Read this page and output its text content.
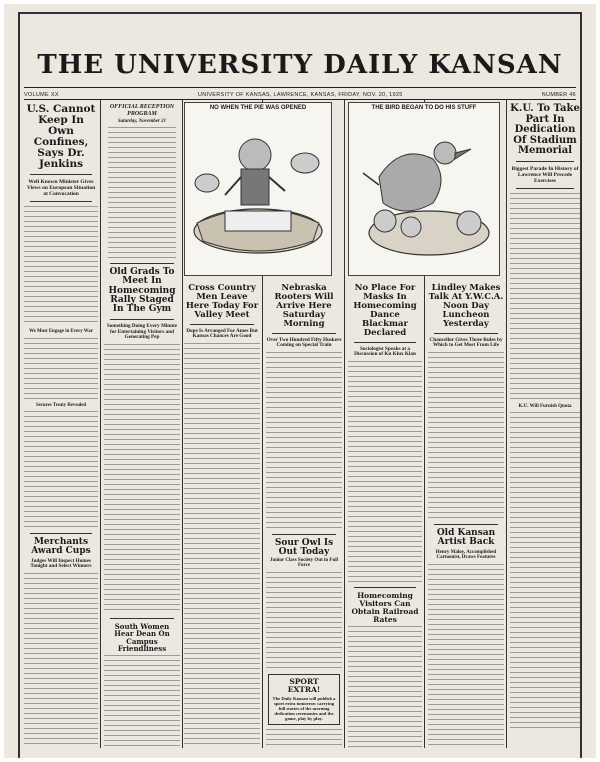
THE UNIVERSITY DAILY KANSAN
VOLUME XX	UNIVERSITY OF KANSAS, LAWRENCE, KANSAS, FRIDAY, NOV. 20, 1925	NUMBER 46
U.S. Cannot Keep In Own Confines, Says Dr. Jenkins
Well Known Minister Gives Views on European Situation at Convocation
We Must Engage in Every War
Secures Treaty Revealed
Merchants Award Cups
Judges Will Inspect Homes Tonight and Select Winners
OFFICIAL RECEPTION PROGRAM
Saturday, November 21
Old Grads To Meet In Homecoming Rally Staged In The Gym
Something Doing Every Minute for Entertaining Visitors and Generating Pep
South Women Hear Dean On Campus Friendliness
NO WHEN THE PIE WAS OPENED	THE BIRD BEGAN TO DO HIS STUFF
Cross Country Men Leave Here Today For Valley Meet
Dope Is Arranged For Ames But Kansas Chances Are Good
Nebraska Rooters Will Arrive Here Saturday Morning
Over Two Hundred Fifty Huskers Coming on Special Train
Sour Owl Is Out Today
Junior Class Society Out in Full Force
SPORT EXTRA!
The Daily Kansan will publish a sport extra tomorrow carrying full stories of the morning dedication ceremonies and the game, play by play.
No Place For Masks In Homecoming Dance Blackmar Declared
Sociologist Speaks at a Discussion of Ku Klux Klan
Homecoming Visitors Can Obtain Railroad Rates
Lindley Makes Talk At Y.W.C.A. Noon Day Luncheon Yesterday
Chancellor Gives Three Rules by Which to Get Most From Life
Old Kansan Artist Back
Henry Maloy, Accomplished Cartoonist, Draws Features
K.U. To Take Part In Dedication Of Stadium Memorial
Biggest Parade In History of Lawrence Will Precede Exercises
K.U. Will Furnish Quota
